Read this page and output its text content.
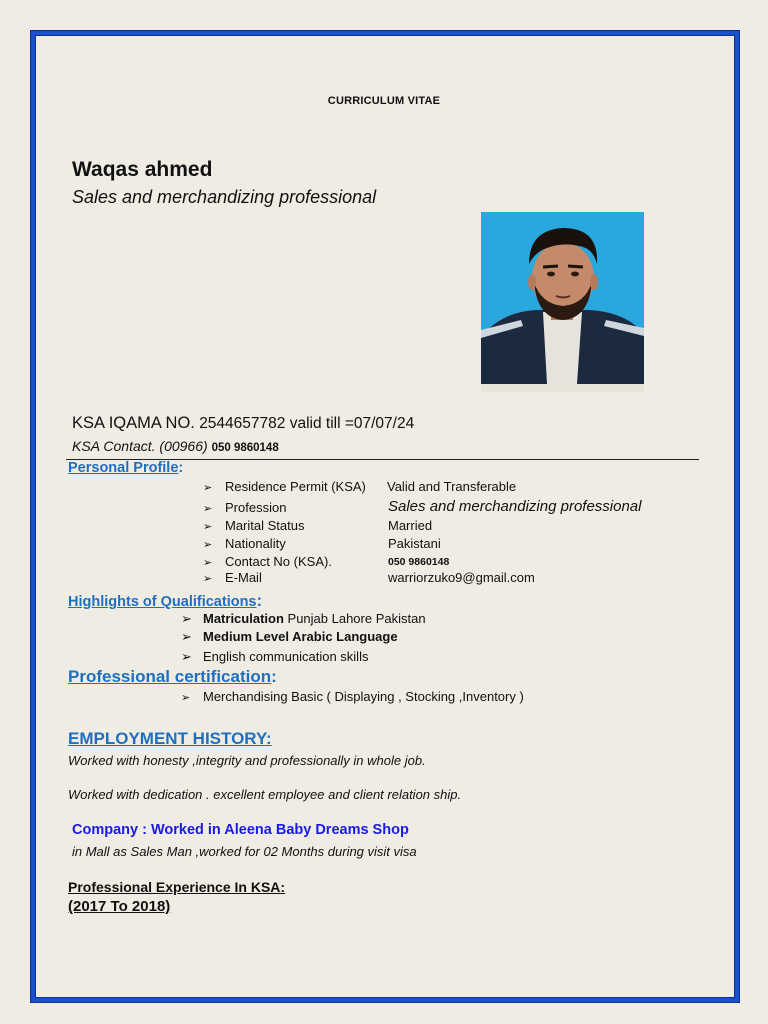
CURRICULUM VITAE
Waqas ahmed
Sales and merchandizing professional
KSA IQAMA NO. 2544657782 valid till =07/07/24
KSA Contact. (00966) 050 9860148
Personal Profile:
➢ Residence Permit (KSA) Valid and Transferable
➢ Profession	Sales and merchandizing professional
➢ Marital Status	Married
➢ Nationality	Pakistani
➢ Contact No (KSA).	050 9860148
➢ E-Mail	warriorzuko9@gmail.com
Highlights of Qualifications:
➢ Matriculation Punjab Lahore Pakistan
➢ Medium Level Arabic Language
➢ English communication skills
Professional certification:
➢ Merchandising Basic ( Displaying , Stocking ,Inventory )
EMPLOYMENT HISTORY:
Worked with honesty ,integrity and professionally in whole job.
Worked with dedication . excellent employee and client relation ship.
Company : Worked in Aleena Baby Dreams Shop
in Mall as Sales Man ,worked for 02 Months during visit visa
Professional Experience In KSA:
(2017 To 2018)
